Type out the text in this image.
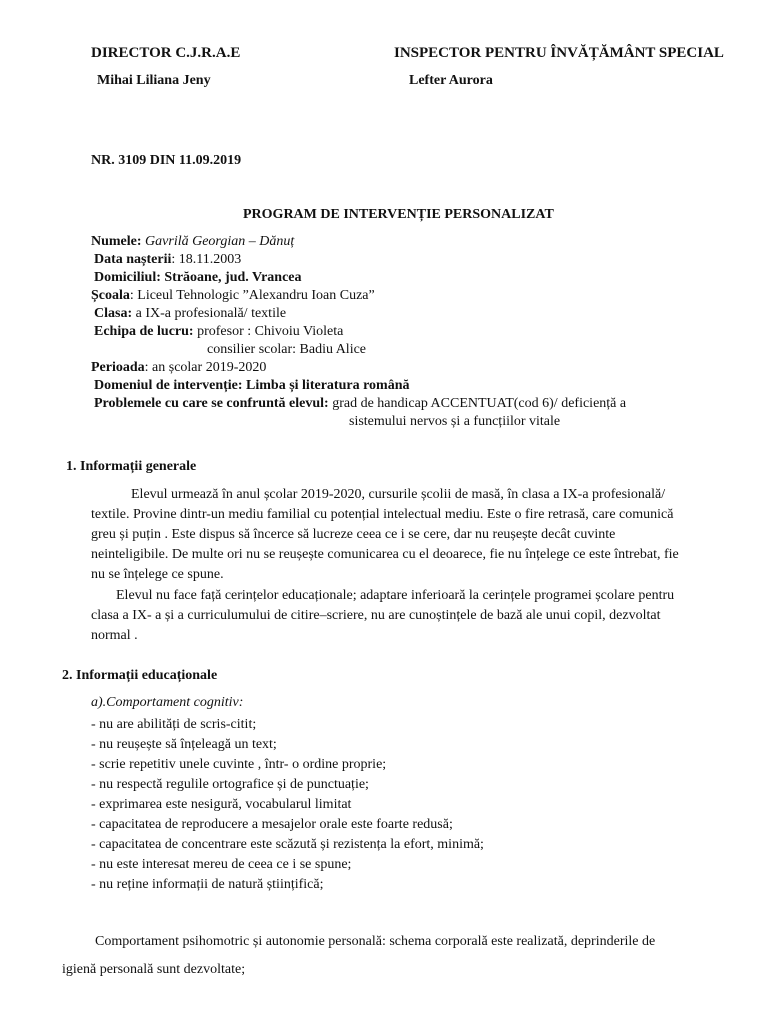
DIRECTOR C.J.R.A.E
Mihai Liliana Jeny
INSPECTOR PENTRU ÎNVĂȚĂMÂNT SPECIAL
Lefter Aurora
NR. 3109 DIN 11.09.2019
PROGRAM DE INTERVENȚIE PERSONALIZAT
Numele: Gavrilă Georgian – Dănuț
Data nașterii: 18.11.2003
Domiciliul: Străoane, jud. Vrancea
Școala: Liceul Tehnologic ”Alexandru Ioan Cuza”
Clasa: a IX-a profesională/ textile
Echipa de lucru: profesor : Chivoiu Violeta
consilier scolar: Badiu Alice
Perioada: an școlar 2019-2020
Domeniul de intervenție: Limba și literatura română
Problemele cu care se confruntă elevul: grad de handicap ACCENTUAT(cod 6)/ deficiență a
sistemului nervos și a funcțiilor vitale
1. Informații generale
Elevul urmează în anul școlar 2019-2020, cursurile școlii de masă, în clasa a IX-a profesională/
textile. Provine dintr-un mediu familial cu potențial intelectual mediu. Este o fire retrasă, care comunică
greu și puțin . Este dispus să încerce să lucreze ceea ce i se cere, dar nu reușește decât cuvinte
neinteligibile. De multe ori nu se reușește comunicarea cu el deoarece, fie nu înțelege ce este întrebat, fie
nu se înțelege ce spune.
Elevul nu face față cerințelor educaționale; adaptare inferioară la cerințele programei școlare pentru
clasa a IX- a și a curriculumului de citire–scriere, nu are cunoștințele de bază ale unui copil, dezvoltat
normal .
2. Informații educaționale
a).Comportament cognitiv:
- nu are abilități de scris-citit;
- nu reușește să înțeleagă un text;
- scrie repetitiv unele cuvinte , într- o ordine proprie;
- nu respectă regulile ortografice și de punctuație;
- exprimarea este nesigură, vocabularul limitat
- capacitatea de reproducere a mesajelor orale este foarte redusă;
- capacitatea de concentrare este scăzută și rezistența la efort, minimă;
- nu este interesat mereu de ceea ce i se spune;
- nu reține informații de natură științifică;
Comportament psihomotric și autonomie personală: schema corporală este realizată, deprinderile de
igienă personală sunt dezvoltate;
